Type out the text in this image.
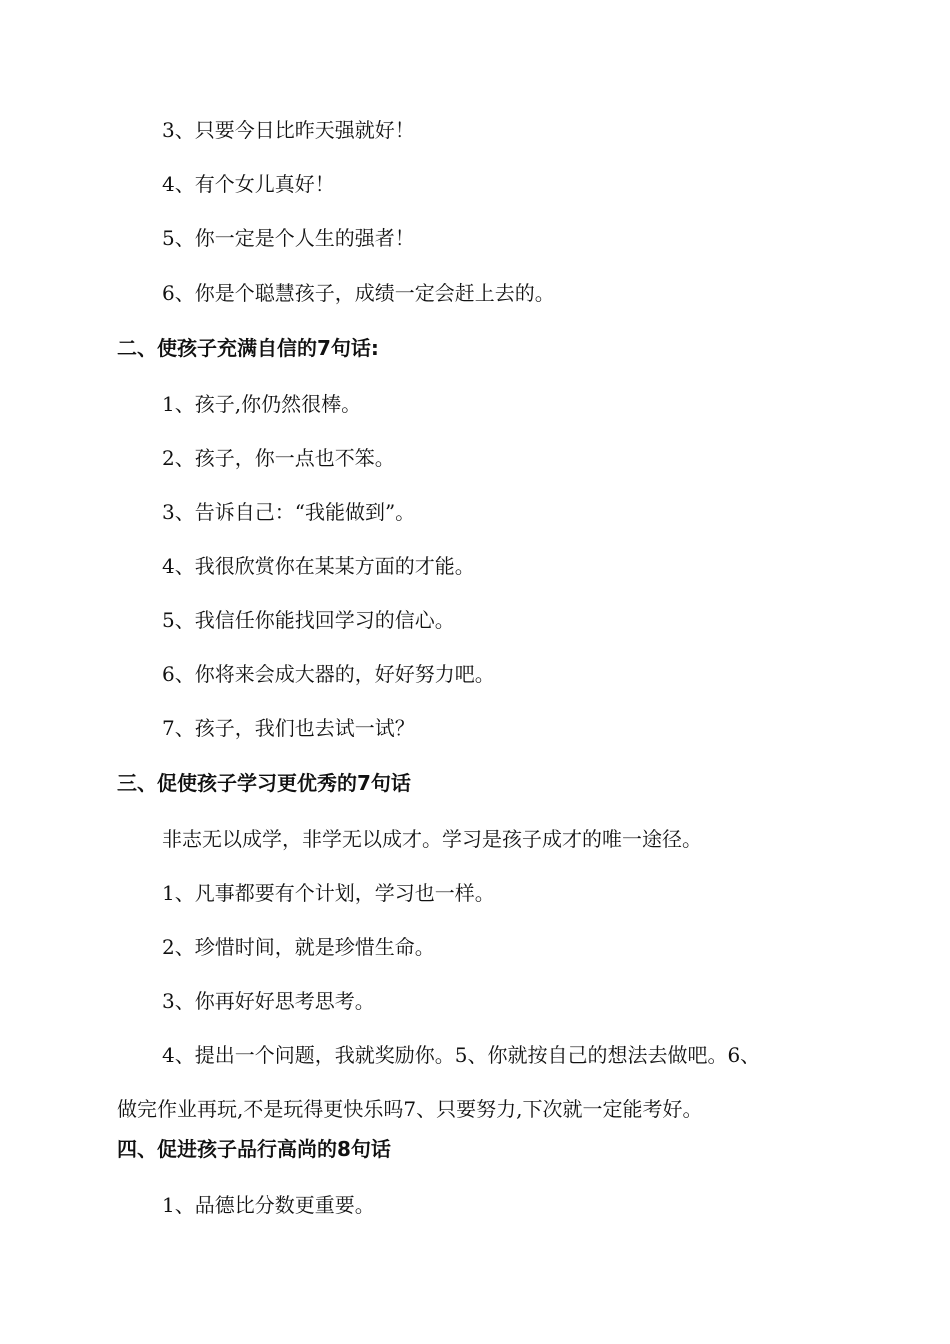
3、只要今日比昨天强就好！
4、有个女儿真好！
5、你一定是个人生的强者！
6、你是个聪慧孩子，成绩一定会赶上去的。
二、使孩子充满自信的7句话:
1、孩子,你仍然很棒。
2、孩子，你一点也不笨。
3、告诉自己：“我能做到”。
4、我很欣赏你在某某方面的才能。
5、我信任你能找回学习的信心。
6、你将来会成大器的，好好努力吧。
7、孩子，我们也去试一试？
三、促使孩子学习更优秀的7句话
非志无以成学，非学无以成才。学习是孩子成才的唯一途径。
1、凡事都要有个计划，学习也一样。
2、珍惜时间，就是珍惜生命。
3、你再好好思考思考。
4、提出一个问题，我就奖励你。5、你就按自己的想法去做吧。6、
做完作业再玩,不是玩得更快乐吗7、只要努力,下次就一定能考好。
四、促进孩子品行高尚的8句话
1、品德比分数更重要。
